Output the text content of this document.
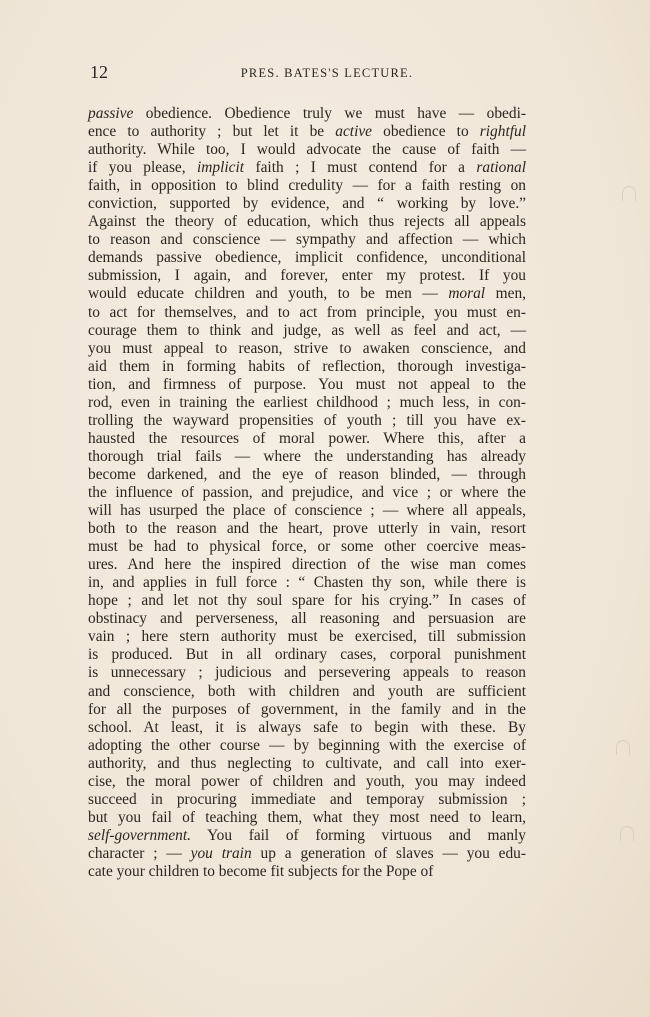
12	PRES. BATES'S LECTURE.
passive obedience. Obedience truly we must have — obedi-
ence to authority ; but let it be active obedience to rightful
authority. While too, I would advocate the cause of faith —
if you please, implicit faith ; I must contend for a rational
faith, in opposition to blind credulity — for a faith resting on
conviction, supported by evidence, and “ working by love.”
Against the theory of education, which thus rejects all appeals
to reason and conscience — sympathy and affection — which
demands passive obedience, implicit confidence, unconditional
submission, I again, and forever, enter my protest. If you
would educate children and youth, to be men — moral men,
to act for themselves, and to act from principle, you must en-
courage them to think and judge, as well as feel and act, —
you must appeal to reason, strive to awaken conscience, and
aid them in forming habits of reflection, thorough investiga-
tion, and firmness of purpose. You must not appeal to the
rod, even in training the earliest childhood ; much less, in con-
trolling the wayward propensities of youth ; till you have ex-
hausted the resources of moral power. Where this, after a
thorough trial fails — where the understanding has already
become darkened, and the eye of reason blinded, — through
the influence of passion, and prejudice, and vice ; or where the
will has usurped the place of conscience ; — where all appeals,
both to the reason and the heart, prove utterly in vain, resort
must be had to physical force, or some other coercive meas-
ures. And here the inspired direction of the wise man comes
in, and applies in full force : “ Chasten thy son, while there is
hope ; and let not thy soul spare for his crying.” In cases of
obstinacy and perverseness, all reasoning and persuasion are
vain ; here stern authority must be exercised, till submission
is produced. But in all ordinary cases, corporal punishment
is unnecessary ; judicious and persevering appeals to reason
and conscience, both with children and youth are sufficient
for all the purposes of government, in the family and in the
school. At least, it is always safe to begin with these. By
adopting the other course — by beginning with the exercise of
authority, and thus neglecting to cultivate, and call into exer-
cise, the moral power of children and youth, you may indeed
succeed in procuring immediate and temporay submission ;
but you fail of teaching them, what they most need to learn,
self-government. You fail of forming virtuous and manly
character ; — you train up a generation of slaves — you edu-
cate your children to become fit subjects for the Pope of
